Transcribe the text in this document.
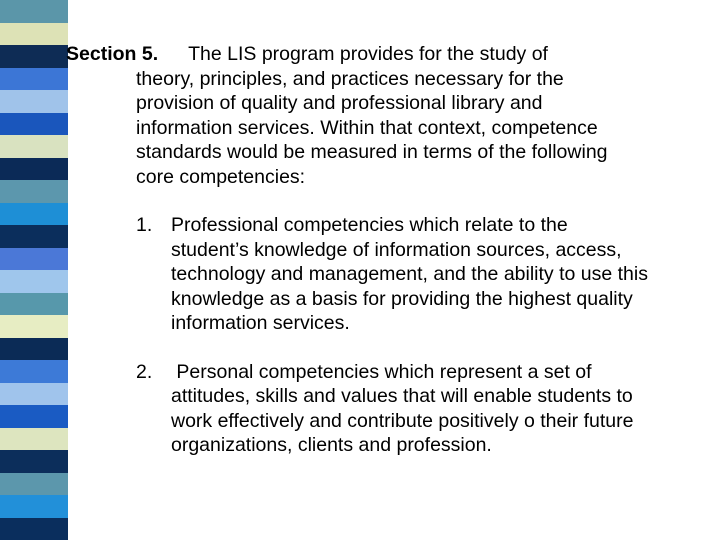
Section 5. The LIS program provides for the study of

theory, principles, and practices necessary for the
provision of quality and professional library and
information services. Within that context, competence
standards would be measured in terms of the following
core competencies:
1. Professional competencies which relate to the
student’s knowledge of information sources, access,
technology and management, and the ability to use this
knowledge as a basis for providing the highest quality
information services.
2. Personal competencies which represent a set of
attitudes, skills and values that will enable students to
work effectively and contribute positively o their future
organizations, clients and profession.
